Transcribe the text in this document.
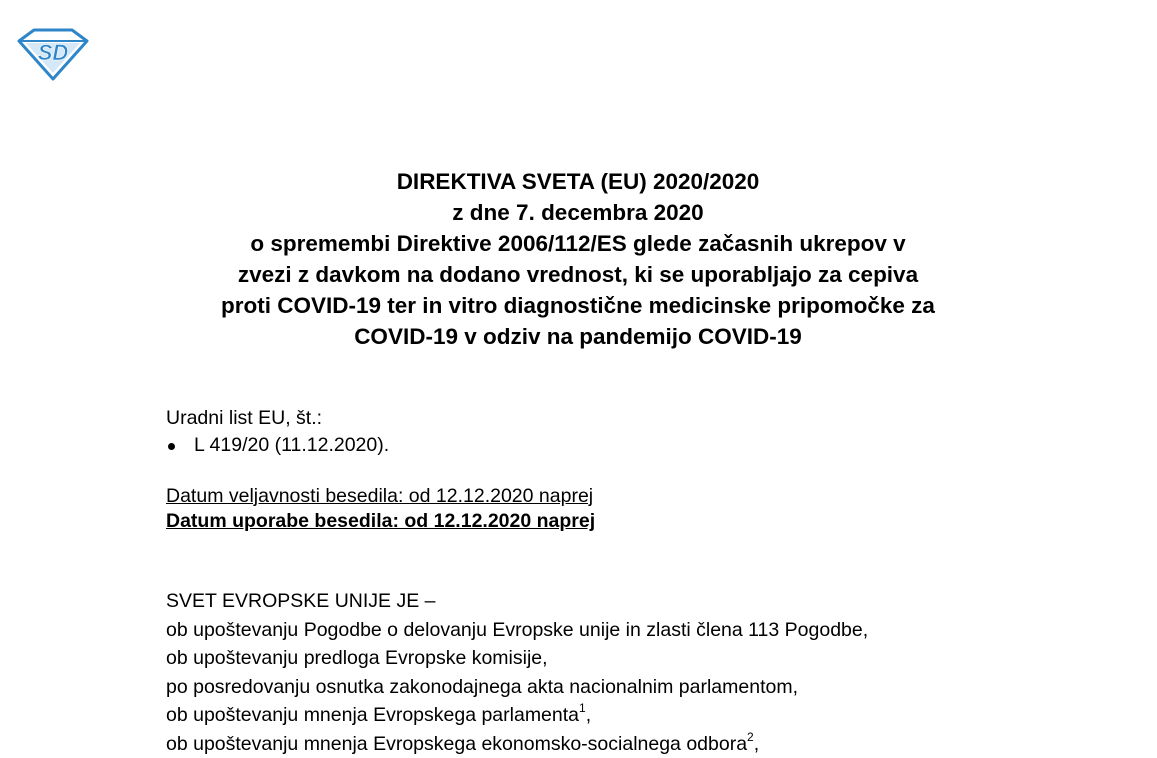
SD
DIREKTIVA SVETA (EU) 2020/2020
z dne 7. decembra 2020
o spremembi Direktive 2006/112/ES glede začasnih ukrepov v
zvezi z davkom na dodano vrednost, ki se uporabljajo za cepiva
proti COVID-19 ter in vitro diagnostične medicinske pripomočke za
COVID-19 v odziv na pandemijo COVID-19
Uradni list EU, št.:
L 419/20 (11.12.2020).
Datum veljavnosti besedila: od 12.12.2020 naprej
Datum uporabe besedila: od 12.12.2020 naprej
SVET EVROPSKE UNIJE JE –
ob upoštevanju Pogodbe o delovanju Evropske unije in zlasti člena 113 Pogodbe,
ob upoštevanju predloga Evropske komisije,
po posredovanju osnutka zakonodajnega akta nacionalnim parlamentom,
ob upoštevanju mnenja Evropskega parlamenta$^1$,
ob upoštevanju mnenja Evropskega ekonomsko-socialnega odbora$^2$,
